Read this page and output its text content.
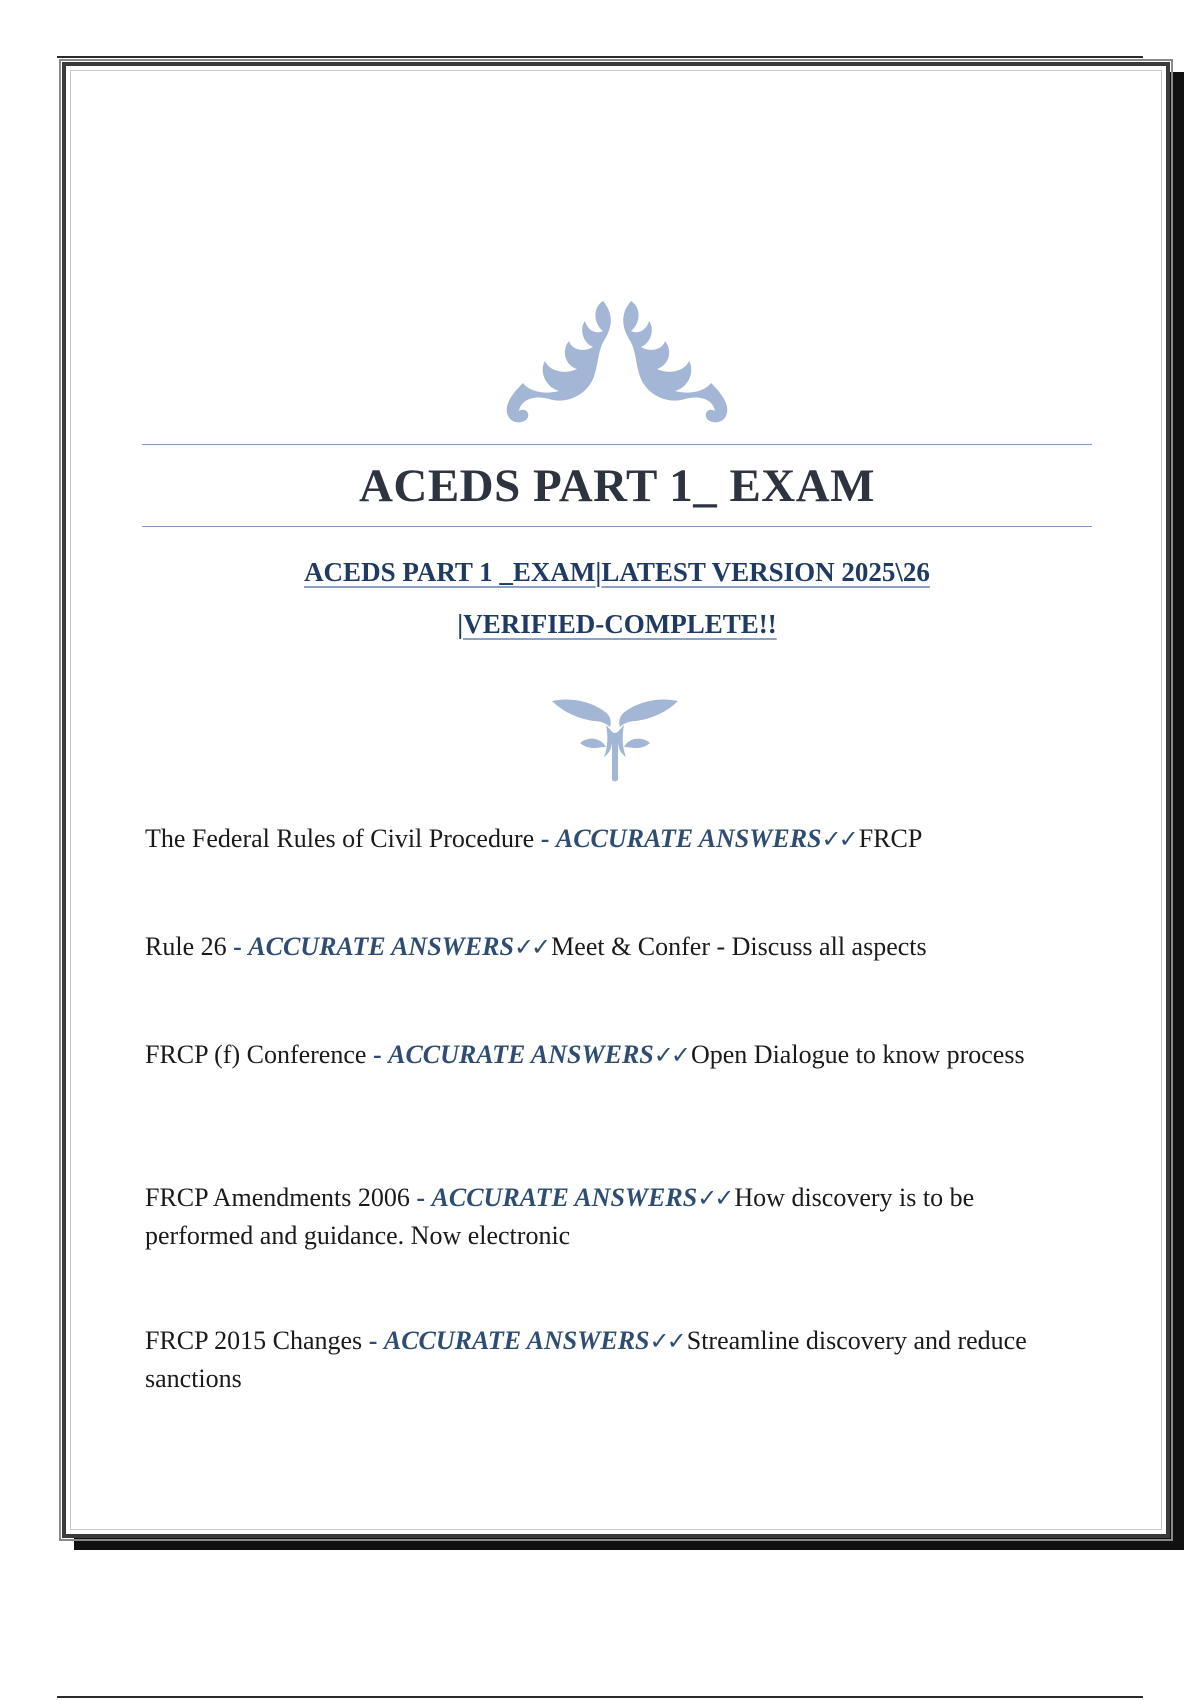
ACEDS PART 1_ EXAM
ACEDS PART 1 _EXAM|LATEST VERSION 2025\26
|VERIFIED-COMPLETE!!
The Federal Rules of Civil Procedure - ACCURATE ANSWERS✓✓ FRCP
Rule 26 - ACCURATE ANSWERS✓✓ Meet & Confer - Discuss all aspects
FRCP (f) Conference - ACCURATE ANSWERS✓✓ Open Dialogue to know process
FRCP Amendments 2006 - ACCURATE ANSWERS✓✓ How discovery is to be performed and guidance. Now electronic
FRCP 2015 Changes - ACCURATE ANSWERS✓✓ Streamline discovery and reduce sanctions
